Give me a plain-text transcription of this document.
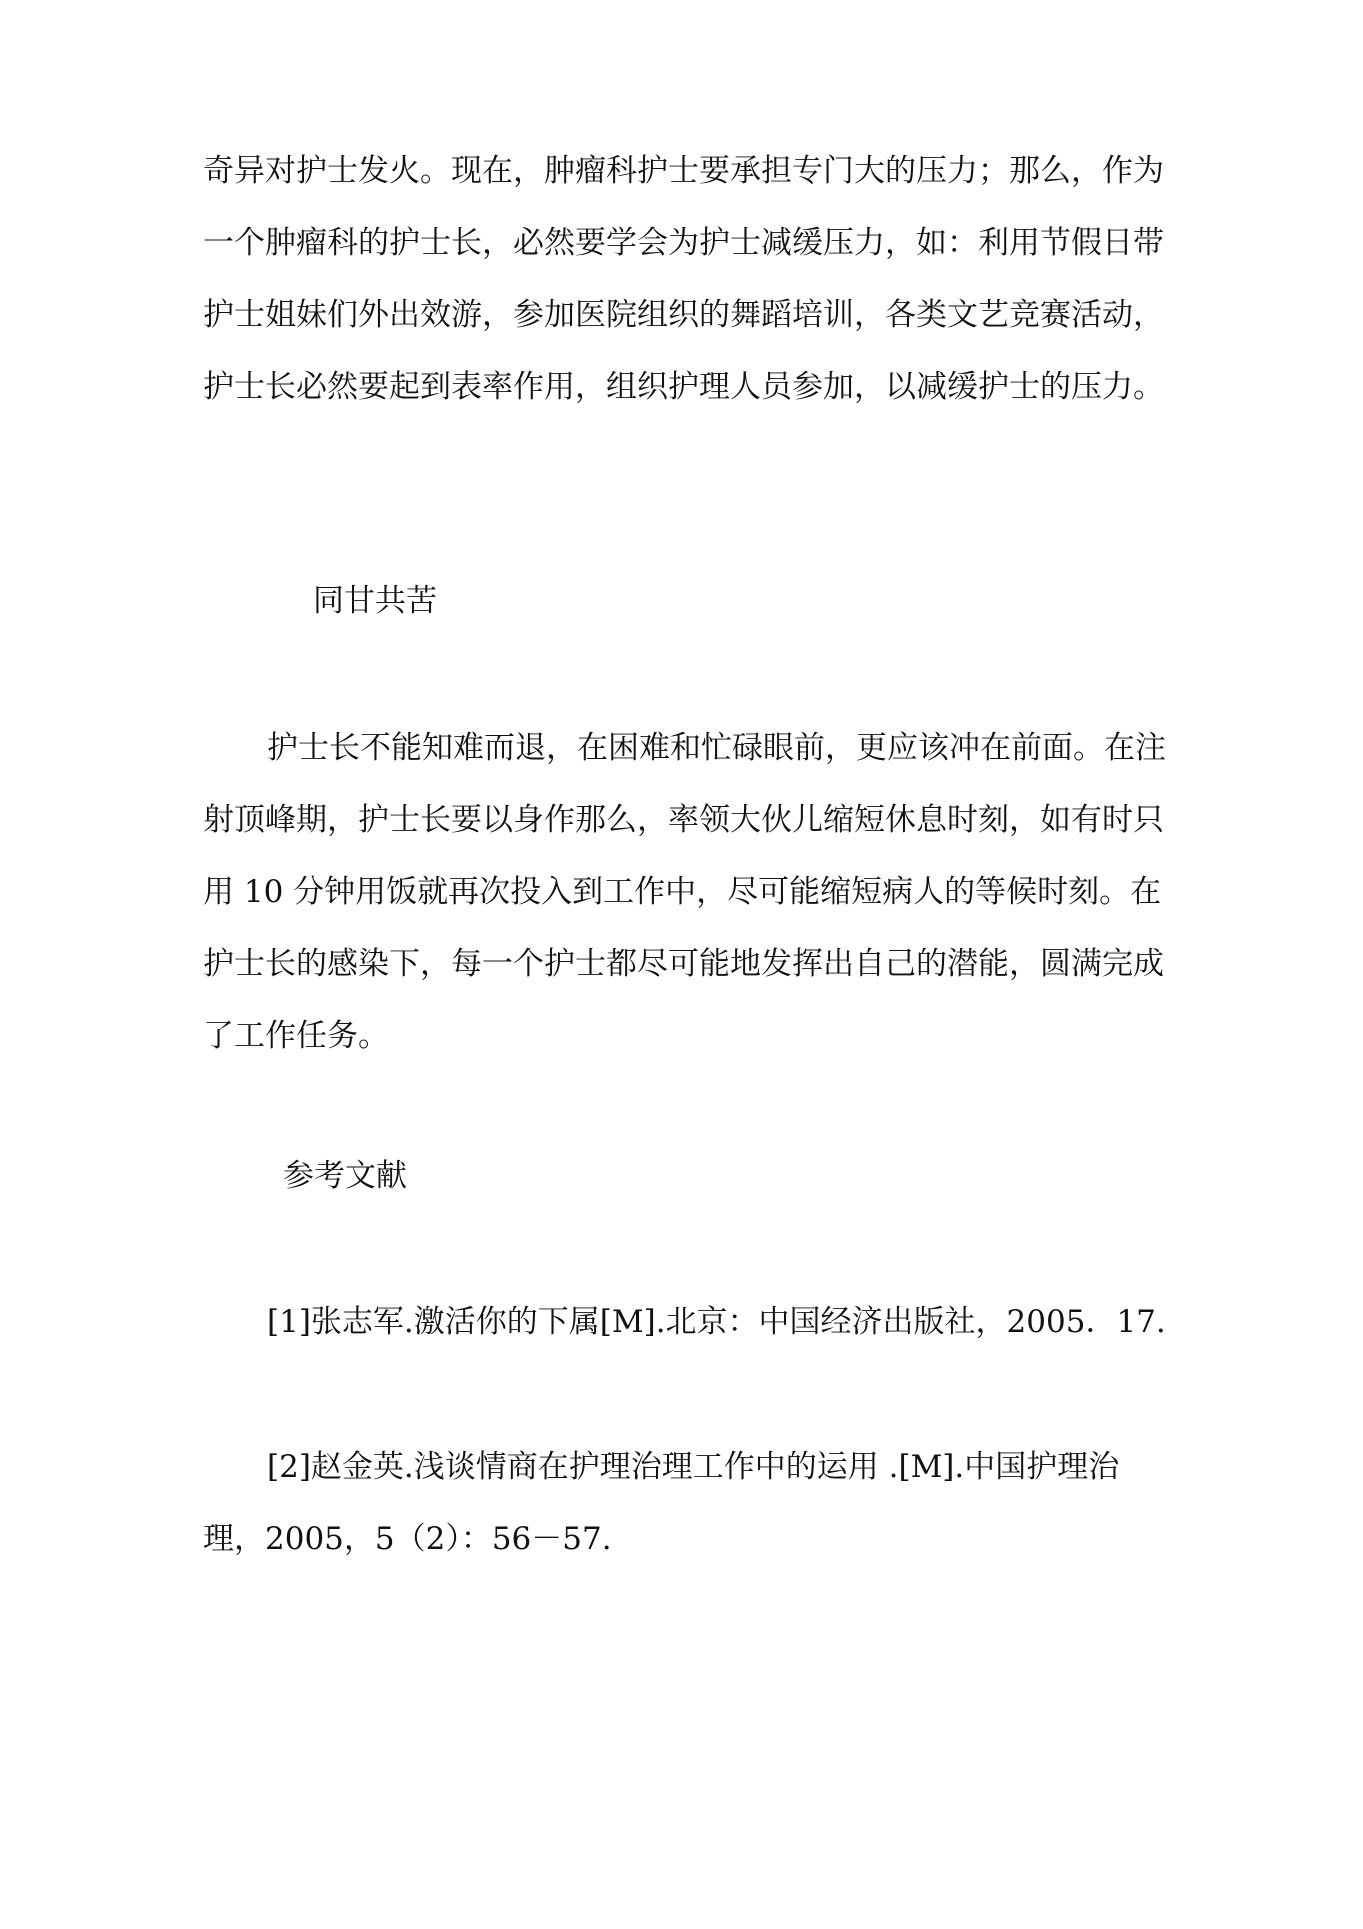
奇异对护士发火。现在，肿瘤科护士要承担专门大的压力；那么，作为一个肿瘤科的护士长，必然要学会为护士减缓压力，如：利用节假日带护士姐妹们外出效游，参加医院组织的舞蹈培训，各类文艺竞赛活动，护士长必然要起到表率作用，组织护理人员参加，以减缓护士的压力。

同甘共苦

护士长不能知难而退，在困难和忙碌眼前，更应该冲在前面。在注射顶峰期，护士长要以身作那么，率领大伙儿缩短休息时刻，如有时只用 10 分钟用饭就再次投入到工作中，尽可能缩短病人的等候时刻。在护士长的感染下，每一个护士都尽可能地发挥出自己的潜能，圆满完成了工作任务。

参考文献

[1]张志军.激活你的下属[M].北京：中国经济出版社，2005．17.

[2]赵金英.浅谈情商在护理治理工作中的运用 .[M].中国护理治理，2005，5（2）：56－57.
